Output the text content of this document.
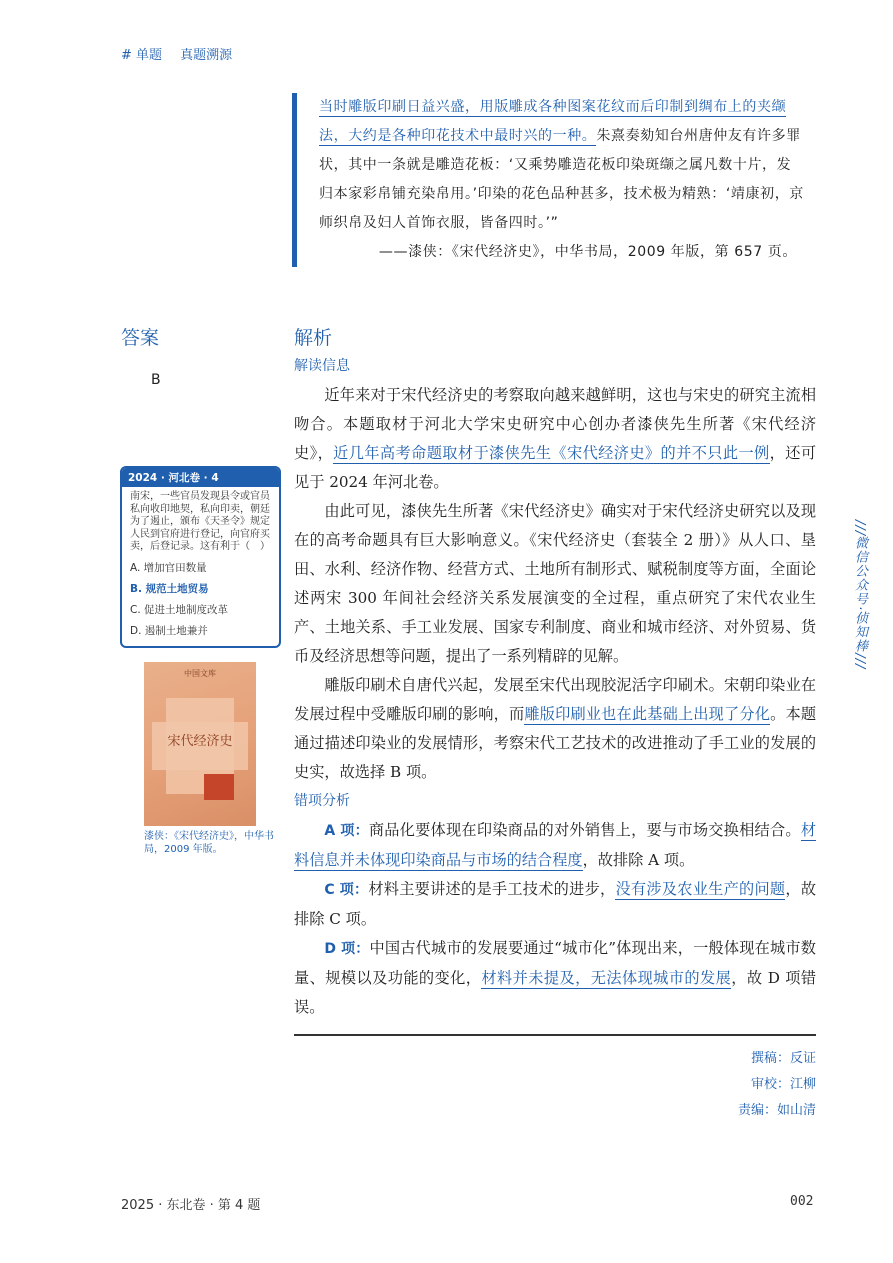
# 单题 真题溯源
当时雕版印刷日益兴盛，用版雕成各种图案花纹而后印制到绸布上的夹缬法，大约是各种印花技术中最时兴的一种。朱熹奏劾知台州唐仲友有许多罪状，其中一条就是雕造花板：‘又乘势雕造花板印染斑缬之属凡数十片，发归本家彩帛铺充染帛用。’印染的花色品种甚多，技术极为精熟：‘靖康初，京师织帛及妇人首饰衣服，皆备四时。’”
——漆侠：《宋代经济史》，中华书局，2009 年版，第 657 页。
答案
B
解析
解读信息

近年来对于宋代经济史的考察取向越来越鲜明，这也与宋史的研究主流相吻合。本题取材于河北大学宋史研究中心创办者漆侠先生所著《宋代经济史》，近几年高考命题取材于漆侠先生《宋代经济史》的并不只此一例，还可见于 2024 年河北卷。

由此可见，漆侠先生所著《宋代经济史》确实对于宋代经济史研究以及现在的高考命题具有巨大影响意义。《宋代经济史（套装全 2 册）》从人口、垦田、水利、经济作物、经营方式、土地所有制形式、赋税制度等方面，全面论述两宋 300 年间社会经济关系发展演变的全过程，重点研究了宋代农业生产、土地关系、手工业发展、国家专利制度、商业和城市经济、对外贸易、货币及经济思想等问题，提出了一系列精辟的见解。

雕版印刷术自唐代兴起，发展至宋代出现胶泥活字印刷术。宋朝印染业在发展过程中受雕版印刷的影响，而雕版印刷业也在此基础上出现了分化。本题通过描述印染业的发展情形，考察宋代工艺技术的改进推动了手工业的发展的史实，故选择 B 项。

错项分析

A 项：商品化要体现在印染商品的对外销售上，要与市场交换相结合。材料信息并未体现印染商品与市场的结合程度，故排除 A 项。

C 项：材料主要讲述的是手工技术的进步，没有涉及农业生产的问题，故排除 C 项。

D 项：中国古代城市的发展要通过“城市化”体现出来，一般体现在城市数量、规模以及功能的变化，材料并未提及，无法体现城市的发展，故 D 项错误。

撰稿：反证
审校：江柳
责编：如山清
2024 · 河北卷 · 4
南宋，一些官员发现县令或官员私向收印地契，私向印卖，朝廷为了遏止，颁布《天圣令》规定人民到官府进行登记，向官府买卖，后登记录。这有利于（　）
A. 增加官田数量
B. 规范土地贸易
C. 促进土地制度改革
D. 遏制土地兼并
中国文库
宋代经济史
漆侠：《宋代经济史》，中华书局，2009 年版。
///微信公众号·侦知棒///
2025 · 东北卷 · 第 4 题	002
